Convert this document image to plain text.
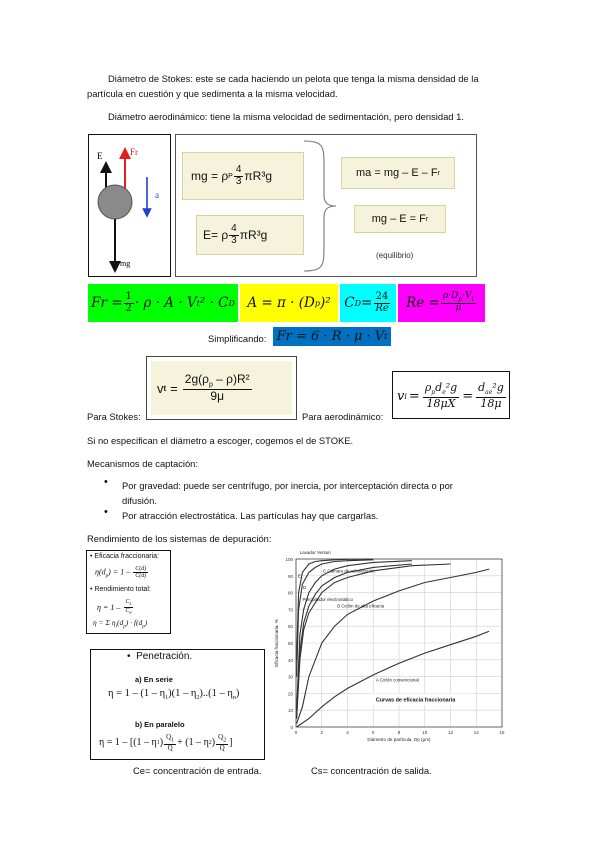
Diámetro de Stokes: este se cada haciendo un pelota que tenga la misma densidad de la
partícula en cuestión y que sedimenta a la misma velocidad.
Diámetro aerodinámico: tiene la misma velocidad de sedimentación, pero densidad 1.
E	Fr
a
mg
mg = ρ P $\frac{4}{3} \pi R^3g$
E= ρ $\frac{4}{3} \pi R^3g$
ma = mg – E – F r
mg – E = F r
(equilibrio)
$Fr = \frac{1}{2} \cdot \rho \cdot A \cdot V$ t ² · C D A = π · (D p )² C $D = \frac{24}{Re}$ $Re = \frac{\rho\cdot D_p\cdot V_t}{\mu}$
Simplificando: Fr = 6 · R · μ · V t
Para Stokes:
v $t = \frac{2g(\rho_p - \rho)R^2}{9\mu}$
Para aerodinámico:
v $i = \frac{\rho_pd_e^2g}{18\mu X} = \frac{d_{ae}^2g}{18\mu}$
Si no especifican el diámetro a escoger, cogemos el de STOKE.
Mecanismos de captación:
• Por gravedad: puede ser centrífugo, por inercia, por interceptación directa o por
difusión.
• Por atracción electrostática. Las partículas hay que cargarlas.
Rendimiento de los sistemas de depuración:
• Eficacia fraccionaria:
$\eta(d_p) = 1 - \frac{C(d)}{C(d)}$
• Rendimiento total:
$\eta = 1 - \frac{C_s}{C_e}$
η = Σ $\eta_i(d_p) \cdot f(d_p)$
•  Penetración.
a) En serie
$\eta = 1 - (1 - \eta_1)(1 - \eta_2)..(1 - \eta_n)$
b) En paralelo
η = 1 – [(1 – η 1 ) $\frac{Q_1}{Q} + (1 - \eta$ 2 ) $\frac{Q_2}{Q}$ ]
0
10
20
30
40
50
60
70
80
90
100
0	2	4	6	8	10	12	14	16
Lavador Venturi
E
C Cámara de nebulización
D
Precipitador electrostático
B Ciclón de alta eficacia
A Ciclón convencional
Curvas de eficacia fraccionaria
Diámetro de partícula, Dp (μm)
Eficacia fraccionaria, %
Ce= concentración de entrada.	Cs= concentración de salida.
